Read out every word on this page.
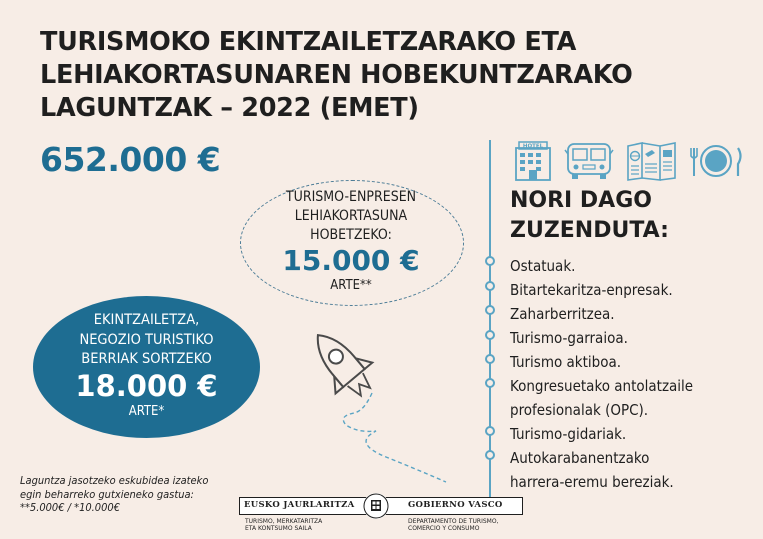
TURISMOKO EKINTZAILETZARAKO ETA
LEHIAKORTASUNAREN HOBEKUNTZARAKO
LAGUNTZAK – 2022 (EMET)
652.000 €	HOTEL
NORI DAGO
ZUZENDUTA:
Ostatuak.
Bitartekaritza-enpresak.
Zaharberritzea.
Turismo-garraioa.
Turismo aktiboa.
Kongresuetako antolatzaile
profesionalak (OPC).
Turismo-gidariak.
Autokarabanentzako
harrera-eremu bereziak.
TURISMO-ENPRESEN
LEHIAKORTASUNA
HOBETZEKO:
15.000 €
ARTE**
EKINTZAILETZA,
NEGOZIO TURISTIKO
BERRIAK SORTZEKO
18.000 €
ARTE*
Laguntza jasotzeko eskubidea izateko
egin beharreko gutxieneko gastua:
**5.000€ / *10.000€	EUSKO JAURLARITZA	GOBIERNO VASCO
TURISMO, MERKATARITZA
ETA KONTSUMO SAILA
DEPARTAMENTO DE TURISMO,
COMERCIO Y CONSUMO
